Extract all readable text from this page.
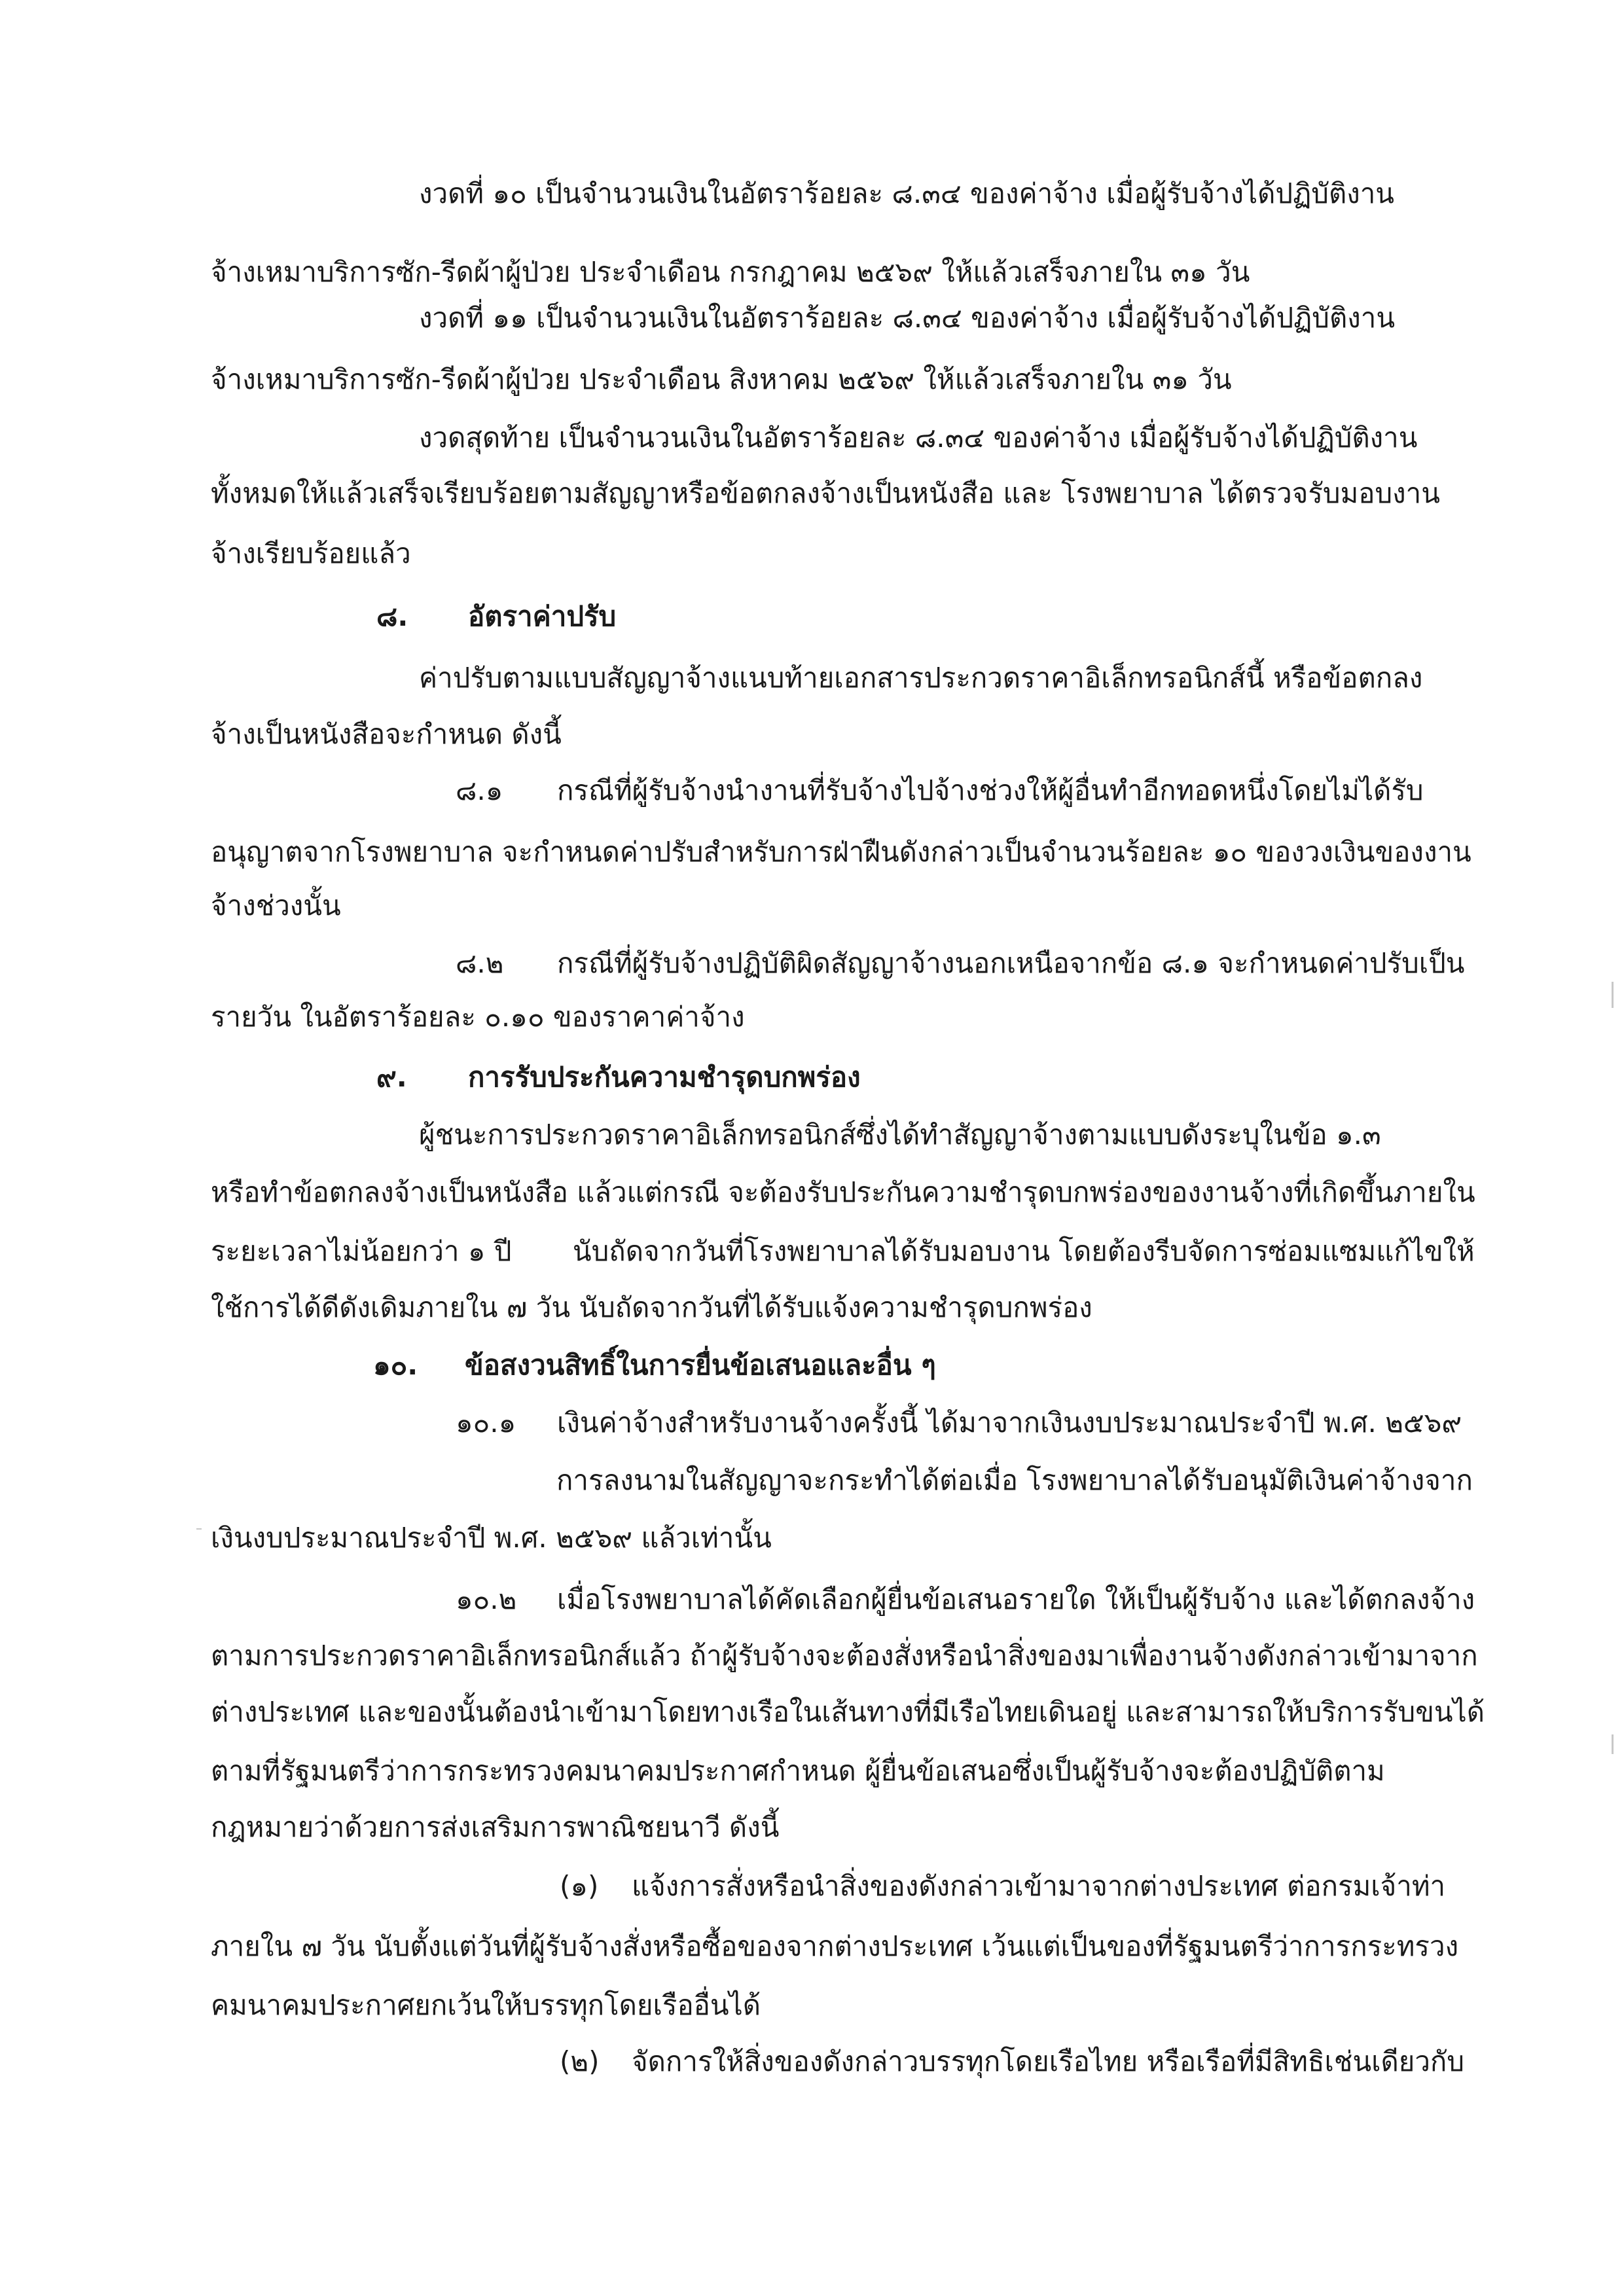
งวดที่ ๑๐ เป็นจำนวนเงินในอัตราร้อยละ ๘.๓๔ ของค่าจ้าง เมื่อผู้รับจ้างได้ปฏิบัติงาน
จ้างเหมาบริการซัก-รีดผ้าผู้ป่วย ประจำเดือน กรกฎาคม ๒๕๖๙ ให้แล้วเสร็จภายใน ๓๑ วัน
งวดที่ ๑๑ เป็นจำนวนเงินในอัตราร้อยละ ๘.๓๔ ของค่าจ้าง เมื่อผู้รับจ้างได้ปฏิบัติงาน
จ้างเหมาบริการซัก-รีดผ้าผู้ป่วย ประจำเดือน สิงหาคม ๒๕๖๙ ให้แล้วเสร็จภายใน ๓๑ วัน
งวดสุดท้าย เป็นจำนวนเงินในอัตราร้อยละ ๘.๓๔ ของค่าจ้าง เมื่อผู้รับจ้างได้ปฏิบัติงาน
ทั้งหมดให้แล้วเสร็จเรียบร้อยตามสัญญาหรือข้อตกลงจ้างเป็นหนังสือ และ โรงพยาบาล ได้ตรวจรับมอบงาน
จ้างเรียบร้อยแล้ว
๘. อัตราค่าปรับ
ค่าปรับตามแบบสัญญาจ้างแนบท้ายเอกสารประกวดราคาอิเล็กทรอนิกส์นี้ หรือข้อตกลง
จ้างเป็นหนังสือจะกำหนด ดังนี้
๘.๑ กรณีที่ผู้รับจ้างนำงานที่รับจ้างไปจ้างช่วงให้ผู้อื่นทำอีกทอดหนึ่งโดยไม่ได้รับ
อนุญาตจากโรงพยาบาล จะกำหนดค่าปรับสำหรับการฝ่าฝืนดังกล่าวเป็นจำนวนร้อยละ ๑๐ ของวงเงินของงาน
จ้างช่วงนั้น
๘.๒ กรณีที่ผู้รับจ้างปฏิบัติผิดสัญญาจ้างนอกเหนือจากข้อ ๘.๑ จะกำหนดค่าปรับเป็น
รายวัน ในอัตราร้อยละ ๐.๑๐ ของราคาค่าจ้าง
๙. การรับประกันความชำรุดบกพร่อง
ผู้ชนะการประกวดราคาอิเล็กทรอนิกส์ซึ่งได้ทำสัญญาจ้างตามแบบดังระบุในข้อ ๑.๓
หรือทำข้อตกลงจ้างเป็นหนังสือ แล้วแต่กรณี จะต้องรับประกันความชำรุดบกพร่องของงานจ้างที่เกิดขึ้นภายใน
ระยะเวลาไม่น้อยกว่า ๑ ปี นับถัดจากวันที่โรงพยาบาลได้รับมอบงาน โดยต้องรีบจัดการซ่อมแซมแก้ไขให้
ใช้การได้ดีดังเดิมภายใน ๗ วัน นับถัดจากวันที่ได้รับแจ้งความชำรุดบกพร่อง
๑๐. ข้อสงวนสิทธิ์ในการยื่นข้อเสนอและอื่น ๆ
๑๐.๑ เงินค่าจ้างสำหรับงานจ้างครั้งนี้ ได้มาจากเงินงบประมาณประจำปี พ.ศ. ๒๕๖๙
การลงนามในสัญญาจะกระทำได้ต่อเมื่อ โรงพยาบาลได้รับอนุมัติเงินค่าจ้างจาก
เงินงบประมาณประจำปี พ.ศ. ๒๕๖๙ แล้วเท่านั้น
๑๐.๒ เมื่อโรงพยาบาลได้คัดเลือกผู้ยื่นข้อเสนอรายใด ให้เป็นผู้รับจ้าง และได้ตกลงจ้าง
ตามการประกวดราคาอิเล็กทรอนิกส์แล้ว ถ้าผู้รับจ้างจะต้องสั่งหรือนำสิ่งของมาเพื่องานจ้างดังกล่าวเข้ามาจาก
ต่างประเทศ และของนั้นต้องนำเข้ามาโดยทางเรือในเส้นทางที่มีเรือไทยเดินอยู่ และสามารถให้บริการรับขนได้
ตามที่รัฐมนตรีว่าการกระทรวงคมนาคมประกาศกำหนด ผู้ยื่นข้อเสนอซึ่งเป็นผู้รับจ้างจะต้องปฏิบัติตาม
กฎหมายว่าด้วยการส่งเสริมการพาณิชยนาวี ดังนี้
(๑) แจ้งการสั่งหรือนำสิ่งของดังกล่าวเข้ามาจากต่างประเทศ ต่อกรมเจ้าท่า
ภายใน ๗ วัน นับตั้งแต่วันที่ผู้รับจ้างสั่งหรือซื้อของจากต่างประเทศ เว้นแต่เป็นของที่รัฐมนตรีว่าการกระทรวง
คมนาคมประกาศยกเว้นให้บรรทุกโดยเรืออื่นได้
(๒) จัดการให้สิ่งของดังกล่าวบรรทุกโดยเรือไทย หรือเรือที่มีสิทธิเช่นเดียวกับ
